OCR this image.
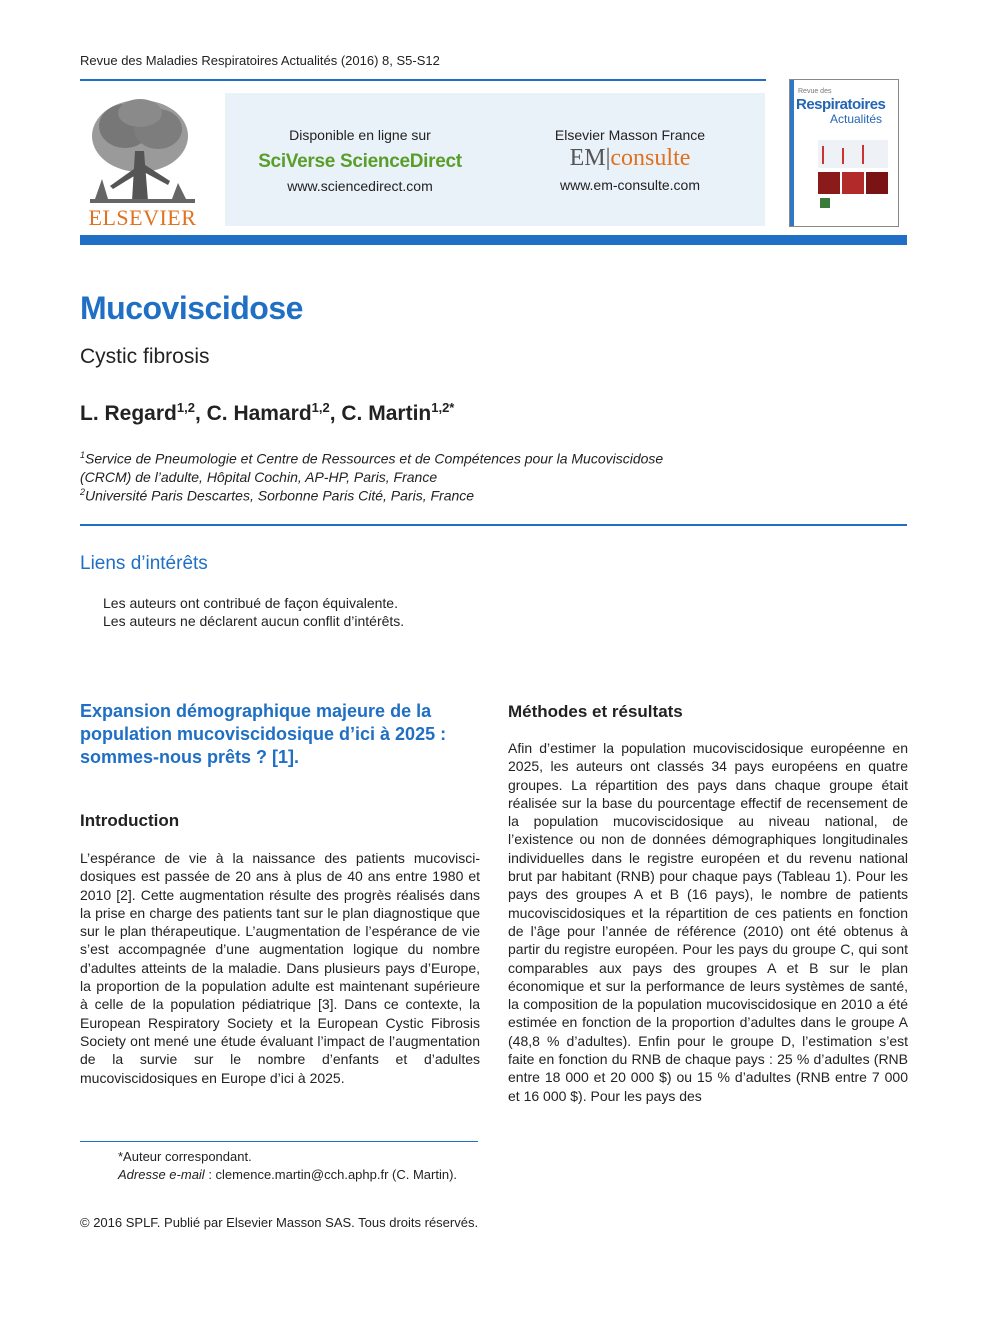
Revue des Maladies Respiratoires Actualités (2016) 8, S5-S12
ELSEVIER
Disponible en ligne sur
SciVerse ScienceDirect
www.sciencedirect.com
Elsevier Masson France
EM|consulte
www.em-consulte.com
Revue des
Respiratoires
Actualités
Mucoviscidose
Cystic fibrosis
L. Regard$^{1,2}$, C. Hamard$^{1,2}$, C. Martin$^{1,2*}$
$^1$Service de Pneumologie et Centre de Ressources et de Compétences pour la Mucoviscidose
(CRCM) de l’adulte, Hôpital Cochin, AP-HP, Paris, France
$^2$Université Paris Descartes, Sorbonne Paris Cité, Paris, France
Liens d’intérêts
Les auteurs ont contribué de façon équivalente.
Les auteurs ne déclarent aucun conflit d’intérêts.
Expansion démographique majeure de la population mucoviscidosique d’ici à 2025 : sommes-nous prêts ? [1].
Introduction
L’espérance de vie à la naissance des patients mucoviscidosiques est passée de 20 ans à plus de 40 ans entre 1980 et 2010 [2]. Cette augmentation résulte des progrès réalisés dans la prise en charge des patients tant sur le plan diagnostique que sur le plan thérapeutique. L’augmentation de l’espérance de vie s’est accompagnée d’une augmentation logique du nombre d’adultes atteints de la maladie. Dans plusieurs pays d’Europe, la proportion de la population adulte est maintenant supérieure à celle de la population pédiatrique [3]. Dans ce contexte, la European Respiratory Society et la European Cystic Fibrosis Society ont mené une étude évaluant l’impact de l’augmentation de la survie sur le nombre d’enfants et d’adultes mucoviscidosiques en Europe d’ici à 2025.
Méthodes et résultats
Afin d’estimer la population mucoviscidosique européenne en 2025, les auteurs ont classés 34 pays européens en quatre groupes. La répartition des pays dans chaque groupe était réalisée sur la base du pourcentage effectif de recensement de la population mucoviscidosique au niveau national, de l’existence ou non de données démographiques longitudinales individuelles dans le registre européen et du revenu national brut par habitant (RNB) pour chaque pays (Tableau 1). Pour les pays des groupes A et B (16 pays), le nombre de patients mucoviscidosiques et la répartition de ces patients en fonction de l’âge pour l’année de référence (2010) ont été obtenus à partir du registre européen. Pour les pays du groupe C, qui sont comparables aux pays des groupes A et B sur le plan économique et sur la performance de leurs systèmes de santé, la composition de la population mucoviscidosique en 2010 a été estimée en fonction de la proportion d’adultes dans le groupe A (48,8 % d’adultes). Enfin pour le groupe D, l’estimation s’est faite en fonction du RNB de chaque pays : 25 % d’adultes (RNB entre 18 000 et 20 000 $) ou 15 % d’adultes (RNB entre 7 000 et 16 000 $). Pour les pays des
*Auteur correspondant.
Adresse e-mail : clemence.martin@cch.aphp.fr (C. Martin).
© 2016 SPLF. Publié par Elsevier Masson SAS. Tous droits réservés.
